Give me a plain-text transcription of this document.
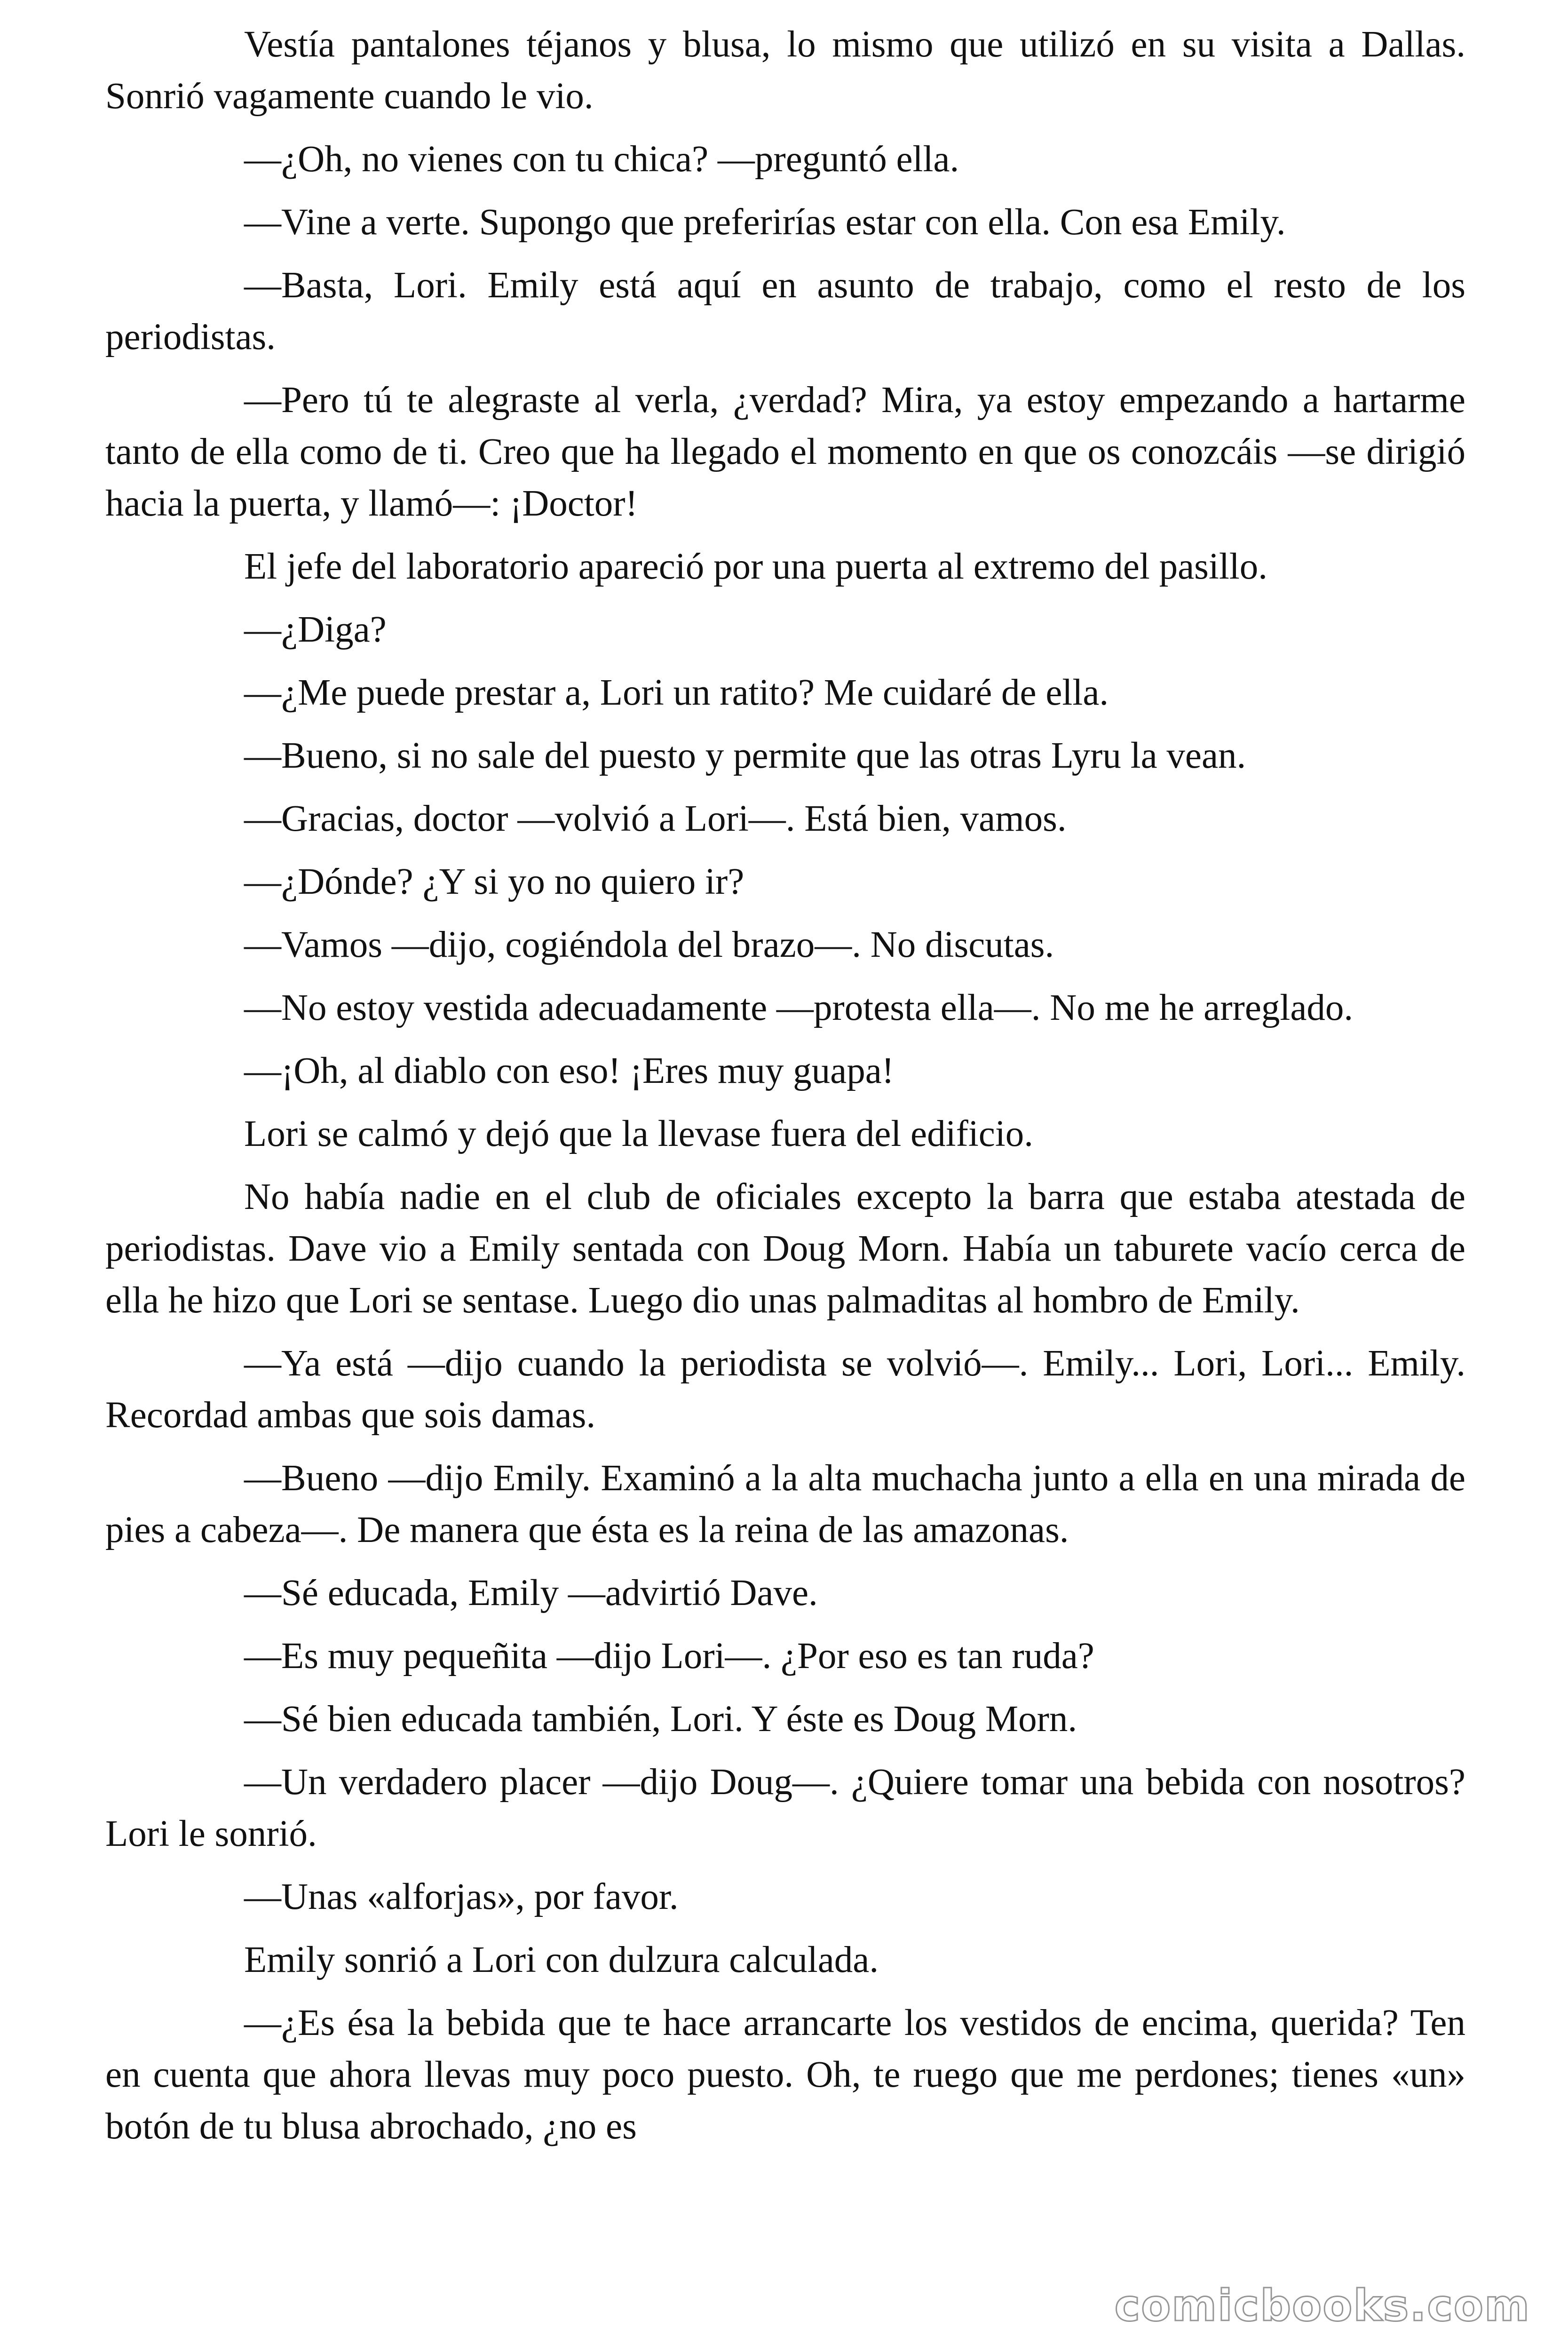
Vestía pantalones téjanos y blusa, lo mismo que utilizó en su visita a Dallas. Sonrió vagamente cuando le vio.

—¿Oh, no vienes con tu chica? —preguntó ella.

—Vine a verte. Supongo que preferirías estar con ella. Con esa Emily.

—Basta, Lori. Emily está aquí en asunto de trabajo, como el resto de los periodistas.

—Pero tú te alegraste al verla, ¿verdad? Mira, ya estoy empezando a hartarme tanto de ella como de ti. Creo que ha llegado el momento en que os conozcáis —se dirigió hacia la puerta, y llamó—: ¡Doctor!

El jefe del laboratorio apareció por una puerta al extremo del pasillo.

—¿Diga?

—¿Me puede prestar a, Lori un ratito? Me cuidaré de ella.

—Bueno, si no sale del puesto y permite que las otras Lyru la vean.

—Gracias, doctor —volvió a Lori—. Está bien, vamos.

—¿Dónde? ¿Y si yo no quiero ir?

—Vamos —dijo, cogiéndola del brazo—. No discutas.

—No estoy vestida adecuadamente —protesta ella—. No me he arreglado.

—¡Oh, al diablo con eso! ¡Eres muy guapa!

Lori se calmó y dejó que la llevase fuera del edificio.

No había nadie en el club de oficiales excepto la barra que estaba atestada de periodistas. Dave vio a Emily sentada con Doug Morn. Había un taburete vacío cerca de ella he hizo que Lori se sentase. Luego dio unas palmaditas al hombro de Emily.

—Ya está —dijo cuando la periodista se volvió—. Emily... Lori, Lori... Emily. Recordad ambas que sois damas.

—Bueno —dijo Emily. Examinó a la alta muchacha junto a ella en una mirada de pies a cabeza—. De manera que ésta es la reina de las amazonas.

—Sé educada, Emily —advirtió Dave.

—Es muy pequeñita —dijo Lori—. ¿Por eso es tan ruda?

—Sé bien educada también, Lori. Y éste es Doug Morn.

—Un verdadero placer —dijo Doug—. ¿Quiere tomar una bebida con nosotros? Lori le sonrió.

—Unas «alforjas», por favor.

Emily sonrió a Lori con dulzura calculada.

—¿Es ésa la bebida que te hace arrancarte los vestidos de encima, querida? Ten en cuenta que ahora llevas muy poco puesto. Oh, te ruego que me perdones; tienes «un» botón de tu blusa abrochado, ¿no es

comicbooks.com
